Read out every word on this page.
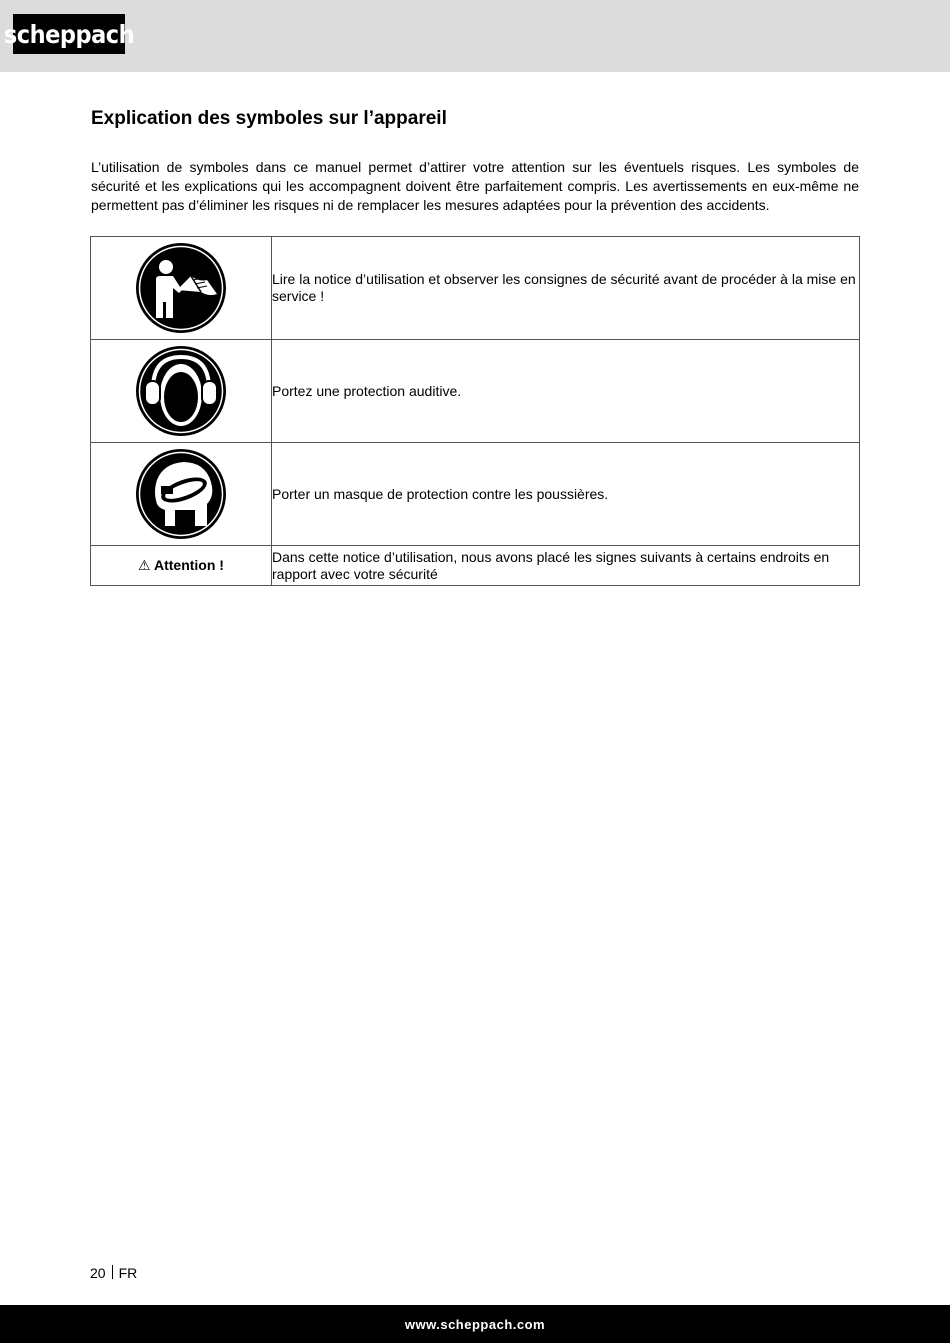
scheppach
Explication des symboles sur l’appareil

L’utilisation de symboles dans ce manuel permet d’attirer votre attention sur les éventuels risques. Les symboles de sécurité et les explications qui les accompagnent doivent être parfaitement compris. Les avertissements en eux-même ne permettent pas d’éliminer les risques ni de remplacer les mesures adaptées pour la prévention des accidents.

	Lire la notice d’utilisation et observer les consignes de sécurité avant de procéder à la mise en service !

	Portez une protection auditive.

	Porter un masque de protection contre les poussières.
⚠ Attention !	Dans cette notice d’utilisation, nous avons placé les signes suivants à certains endroits en rapport avec votre sécurité
20 FR
www.scheppach.com
